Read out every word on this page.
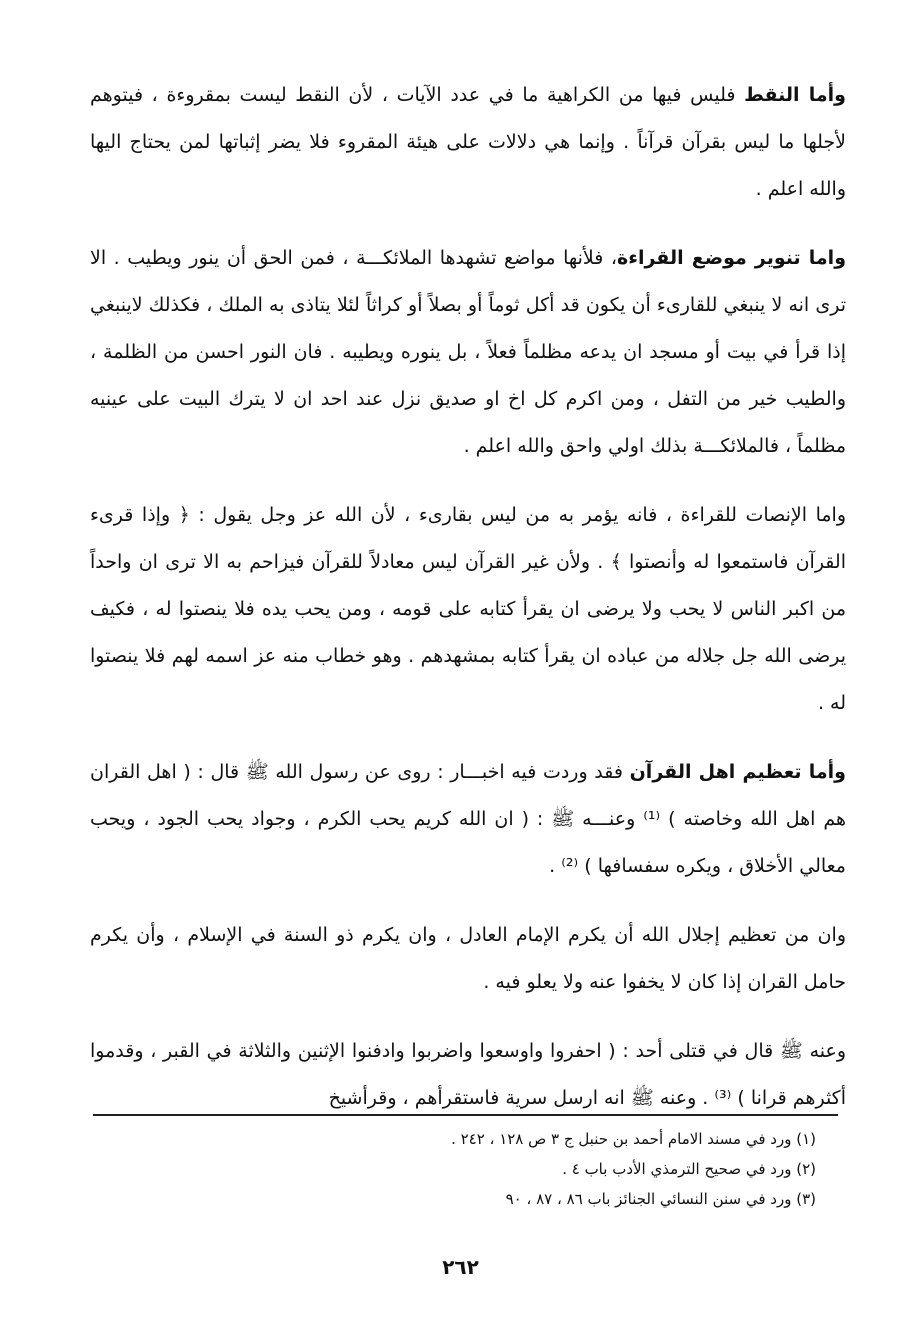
وأما النقط فليس فيها من الكراهية ما في عدد الآيات ، لأن النقط ليست بمقروءة ، فيتوهم لأجلها ما ليس بقرآن قرآناً . وإنما هي دلالات على هيئة المقروء فلا يضر إثباتها لمن يحتاج اليها والله اعلم .

واما تنوير موضع القراءة، فلأنها مواضع تشهدها الملائكـــة ، فمن الحق أن ينور ويطيب . الا ترى انه لا ينبغي للقارىء أن يكون قد أكل ثوماً أو بصلاً أو كراثاً لئلا يتاذى به الملك ، فكذلك لاينبغي إذا قرأ في بيت أو مسجد ان يدعه مظلماً فعلاً ، بل ينوره ويطيبه . فان النور احسن من الظلمة ، والطيب خير من التفل ، ومن اكرم كل اخ او صديق نزل عند احد ان لا يترك البيت على عينيه مظلماً ، فالملائكـــة بذلك اولي واحق والله اعلم .

واما الإنصات للقراءة ، فانه يؤمر به من ليس بقارىء ، لأن الله عز وجل يقول : ﴿ وإذا قرىء القرآن فاستمعوا له وأنصتوا ﴾ . ولأن غير القرآن ليس معادلاً للقرآن فيزاحم به الا ترى ان واحداً من اكبر الناس لا يحب ولا يرضى ان يقرأ كتابه على قومه ، ومن يحب يده فلا ينصتوا له ، فكيف يرضى الله جل جلاله من عباده ان يقرأ كتابه بمشهدهم . وهو خطاب منه عز اسمه لهم فلا ينصتوا له .

وأما تعظيم اهل القرآن فقد وردت فيه اخبـــار : روى عن رسول الله ﷺ قال : ( اهل القران هم اهل الله وخاصته ) ⁽¹⁾ وعنـــه ﷺ : ( ان الله كريم يحب الكرم ، وجواد يحب الجود ، ويحب معالي الأخلاق ، ويكره سفسافها ) ⁽²⁾ .

وان من تعظيم إجلال الله أن يكرم الإمام العادل ، وان يكرم ذو السنة في الإسلام ، وأن يكرم حامل القران إذا كان لا يخفوا عنه ولا يعلو فيه .

وعنه ﷺ قال في قتلى أحد : ( احفروا واوسعوا واضربوا وادفنوا الإثنين والثلاثة في القبر ، وقدموا أكثرهم قرانا ) ⁽³⁾ . وعنه ﷺ انه ارسل سرية فاستقرأهم ، وقرأشيخ

(١) ورد في مسند الامام أحمد بن حنبل ج ٣ ص ١٢٨ ، ٢٤٢ .
(٢) ورد في صحيح الترمذي الأدب باب ٤ .
(٣) ورد في سنن النسائي الجنائز باب ٨٦ ، ٨٧ ، ٩٠
٢٦٢
